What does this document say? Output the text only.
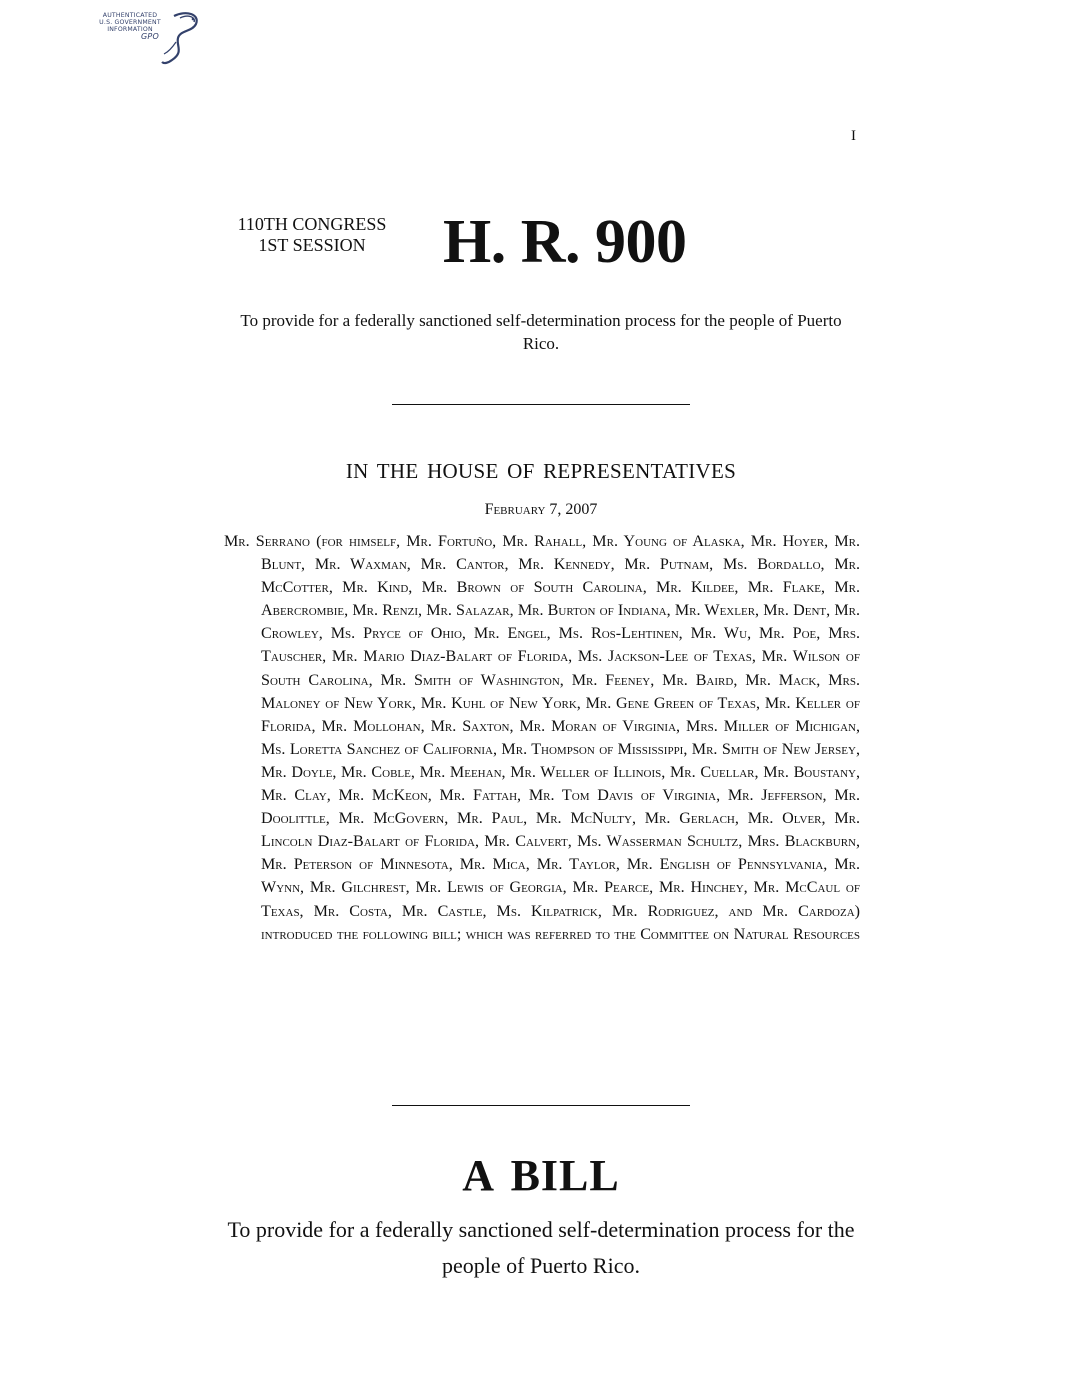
AUTHENTICATED
U.S. GOVERNMENT
INFORMATION
GPO
I
110TH CONGRESS
1ST SESSION	H. R. 900
To provide for a federally sanctioned self-determination process for the people of Puerto Rico.
IN THE HOUSE OF REPRESENTATIVES
February 7, 2007
Mr. Serrano (for himself, Mr. Fortuño, Mr. Rahall, Mr. Young of Alaska, Mr. Hoyer, Mr. Blunt, Mr. Waxman, Mr. Cantor, Mr. Kennedy, Mr. Putnam, Ms. Bordallo, Mr. McCotter, Mr. Kind, Mr. Brown of South Carolina, Mr. Kildee, Mr. Flake, Mr. Abercrombie, Mr. Renzi, Mr. Salazar, Mr. Burton of Indiana, Mr. Wexler, Mr. Dent, Mr. Crowley, Ms. Pryce of Ohio, Mr. Engel, Ms. Ros-Lehtinen, Mr. Wu, Mr. Poe, Mrs. Tauscher, Mr. Mario Diaz-Balart of Florida, Ms. Jackson-Lee of Texas, Mr. Wilson of South Carolina, Mr. Smith of Washington, Mr. Feeney, Mr. Baird, Mr. Mack, Mrs. Maloney of New York, Mr. Kuhl of New York, Mr. Gene Green of Texas, Mr. Keller of Florida, Mr. Mollohan, Mr. Saxton, Mr. Moran of Virginia, Mrs. Miller of Michigan, Ms. Loretta Sanchez of California, Mr. Thompson of Mississippi, Mr. Smith of New Jersey, Mr. Doyle, Mr. Coble, Mr. Meehan, Mr. Weller of Illinois, Mr. Cuellar, Mr. Boustany, Mr. Clay, Mr. McKeon, Mr. Fattah, Mr. Tom Davis of Virginia, Mr. Jefferson, Mr. Doolittle, Mr. McGovern, Mr. Paul, Mr. McNulty, Mr. Gerlach, Mr. Olver, Mr. Lincoln Diaz-Balart of Florida, Mr. Calvert, Ms. Wasserman Schultz, Mrs. Blackburn, Mr. Peterson of Minnesota, Mr. Mica, Mr. Taylor, Mr. English of Pennsylvania, Mr. Wynn, Mr. Gilchrest, Mr. Lewis of Georgia, Mr. Pearce, Mr. Hinchey, Mr. McCaul of Texas, Mr. Costa, Mr. Castle, Ms. Kilpatrick, Mr. Rodriguez, and Mr. Cardoza) introduced the following bill; which was referred to the Committee on Natural Resources
A BILL
To provide for a federally sanctioned self-determination process for the people of Puerto Rico.
